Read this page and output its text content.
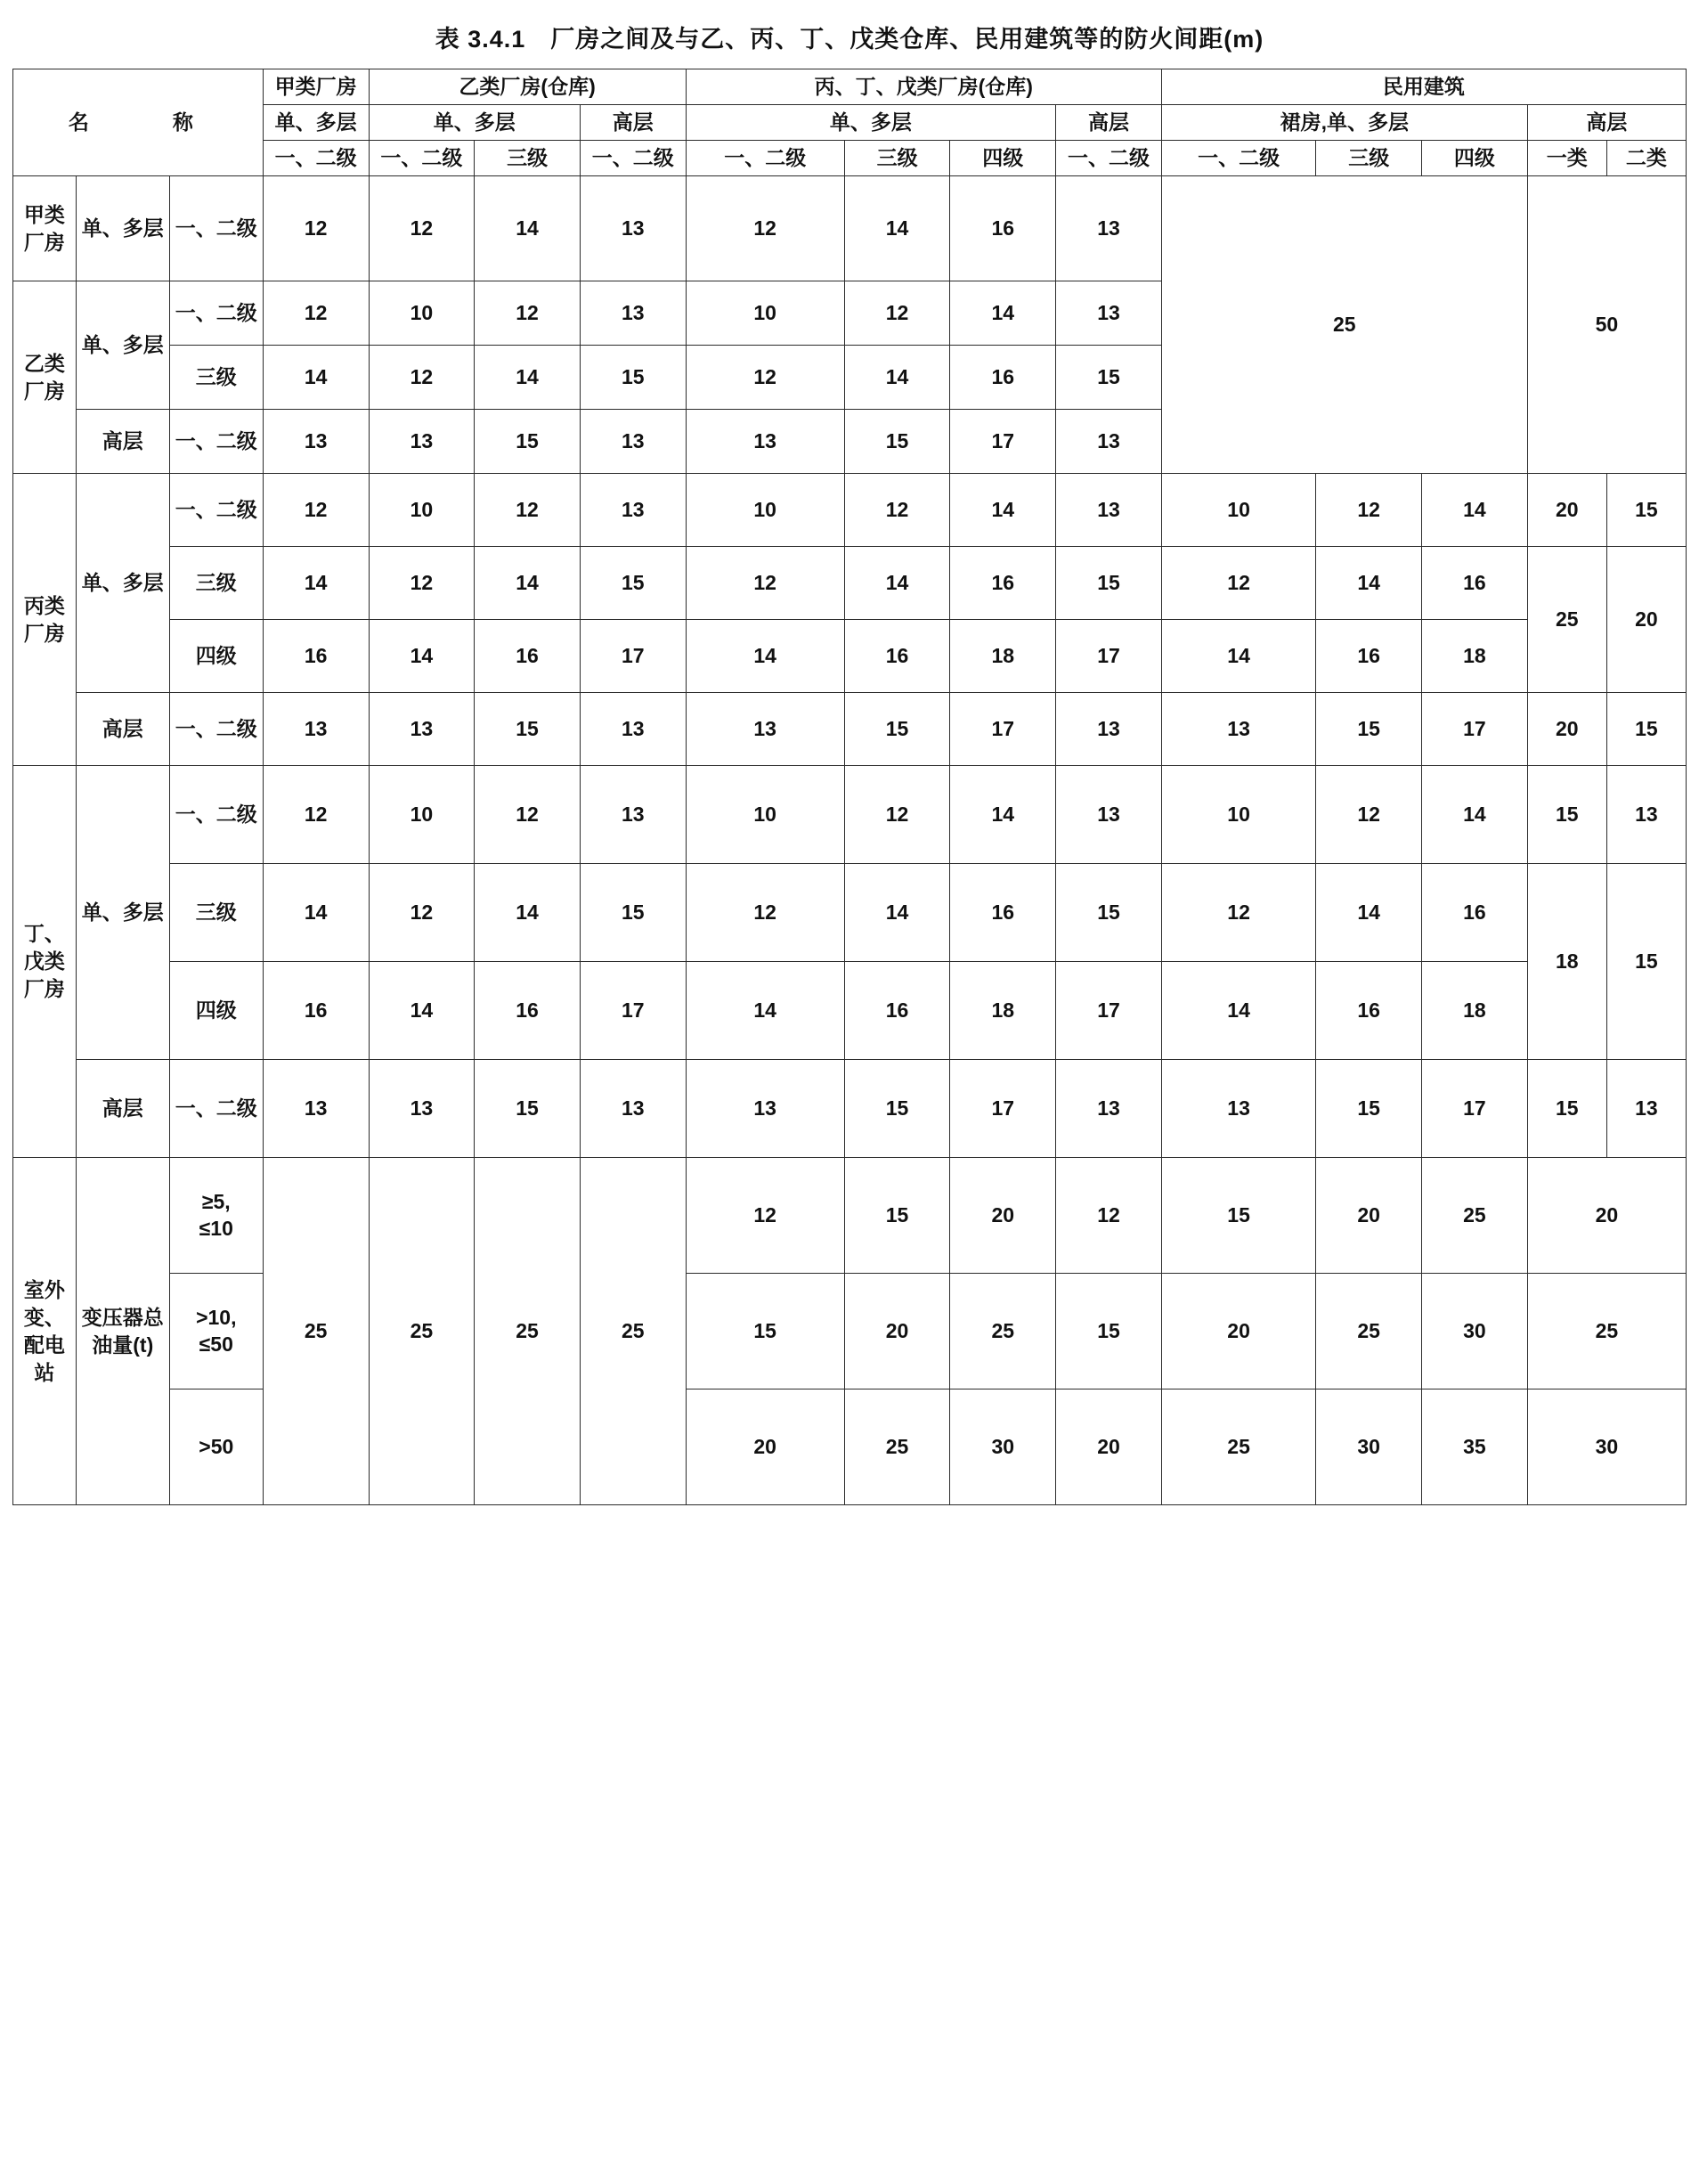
表 3.4.1　厂房之间及与乙、丙、丁、戊类仓库、民用建筑等的防火间距(m)
名　　称			甲类厂房	乙类厂房(仓库)			丙、丁、戊类厂房(仓库)				民用建筑				
			单、多层	单、多层		高层	单、多层			高层	裙房,单、多层			高层	
			一、二级	一、二级	三级	一、二级	一、二级	三级	四级	一、二级	一、二级	三级	四级	一类	二类
甲类厂房	单、多层	一、二级	12	12	14	13	12	14	16	13	25			50	
乙类厂房	单、多层	一、二级	12	10	12	13	10	12	14	13					
		三级	14	12	14	15	12	14	16	15					
	高层	一、二级	13	13	15	13	13	15	17	13					
丙类厂房	单、多层	一、二级	12	10	12	13	10	12	14	13	10	12	14	20	15
		三级	14	12	14	15	12	14	16	15	12	14	16	25	20
		四级	16	14	16	17	14	16	18	17	14	16	18		
	高层	一、二级	13	13	15	13	13	15	17	13	13	15	17	20	15
丁、戊类厂房	单、多层	一、二级	12	10	12	13	10	12	14	13	10	12	14	15	13
		三级	14	12	14	15	12	14	16	15	12	14	16	18	15
		四级	16	14	16	17	14	16	18	17	14	16	18		
	高层	一、二级	13	13	15	13	13	15	17	13	13	15	17	15	13
室外变、配电站	变压器总油量(t)	≥5,
≤10	25	25	25	25	12	15	20	12	15	20	25	20	

		>10,
≤50					15	20	25	15	20	25	30	25	

		>50					20	25	30	20	25	30	35	30	
